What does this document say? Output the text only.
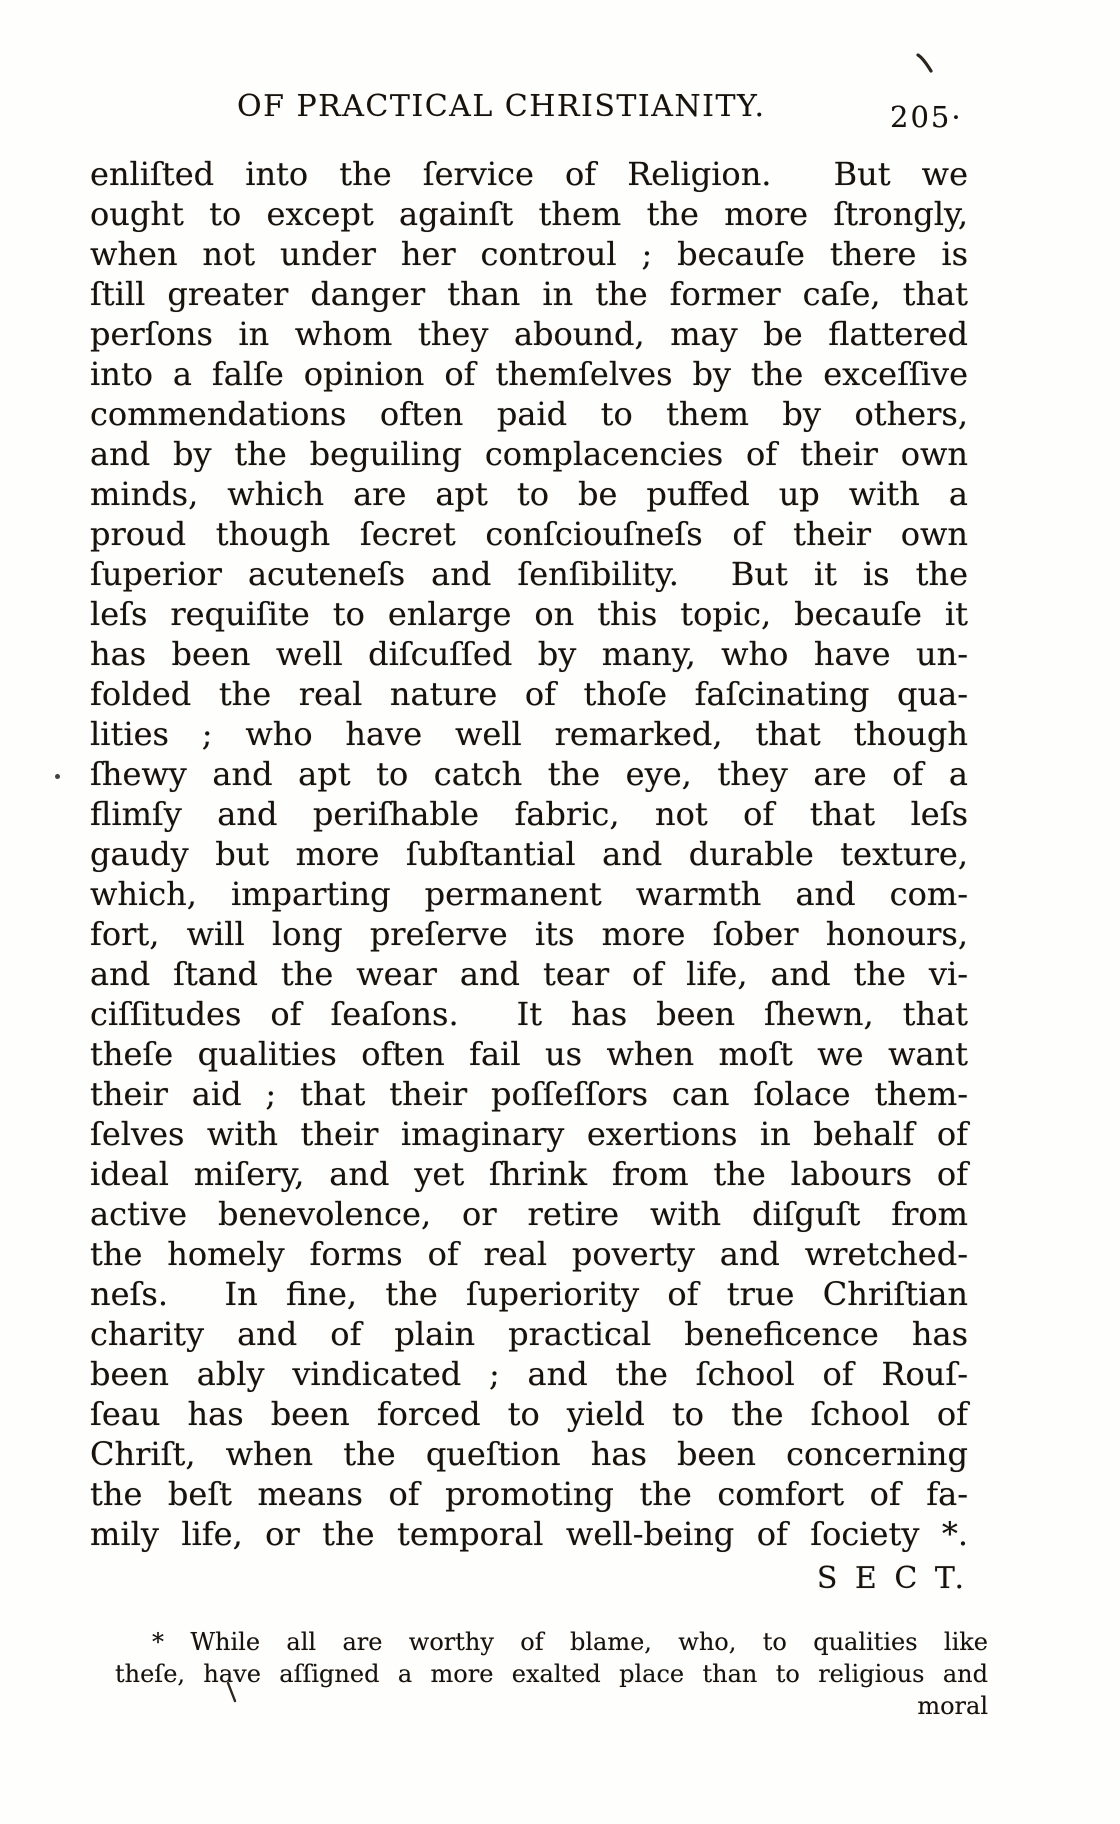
OF PRACTICAL CHRISTIANITY.	205·
enliſted into the ſervice of Religion.  But we
ought to except againſt them the more ſtrongly,
when not under her controul ; becauſe there is
ſtill greater danger than in the former caſe, that
perſons in whom they abound, may be flattered
into a falſe opinion of themſelves by the exceſſive
commendations often paid to them by others,
and by the beguiling complacencies of their own
minds, which are apt to be puffed up with a
proud though ſecret conſciouſneſs of their own
ſuperior acuteneſs and ſenſibility.  But it is the
leſs requiſite to enlarge on this topic, becauſe it
has been well diſcuſſed by many, who have un-
folded the real nature of thoſe faſcinating qua-
lities ; who have well remarked, that though
ſhewy and apt to catch the eye, they are of a
flimſy and periſhable fabric, not of that leſs
gaudy but more ſubſtantial and durable texture,
which, imparting permanent warmth and com-
fort, will long preſerve its more ſober honours,
and ſtand the wear and tear of life, and the vi-
ciſſitudes of ſeaſons.  It has been ſhewn, that
theſe qualities often fail us when moſt we want
their aid ; that their poſſeſſors can ſolace them-
ſelves with their imaginary exertions in behalf of
ideal miſery, and yet ſhrink from the labours of
active benevolence, or retire with diſguſt from
the homely forms of real poverty and wretched-
neſs.  In fine, the ſuperiority of true Chriſtian
charity and of plain practical beneficence has
been ably vindicated ; and the ſchool of Rouſ-
ſeau has been forced to yield to the ſchool of
Chriſt, when the queſtion has been concerning
the beſt means of promoting the comfort of fa-
mily life, or the temporal well-being of ſociety *.
S E C T.
* While all are worthy of blame, who, to qualities like
theſe, have aſſigned a more exalted place than to religious and
moral
